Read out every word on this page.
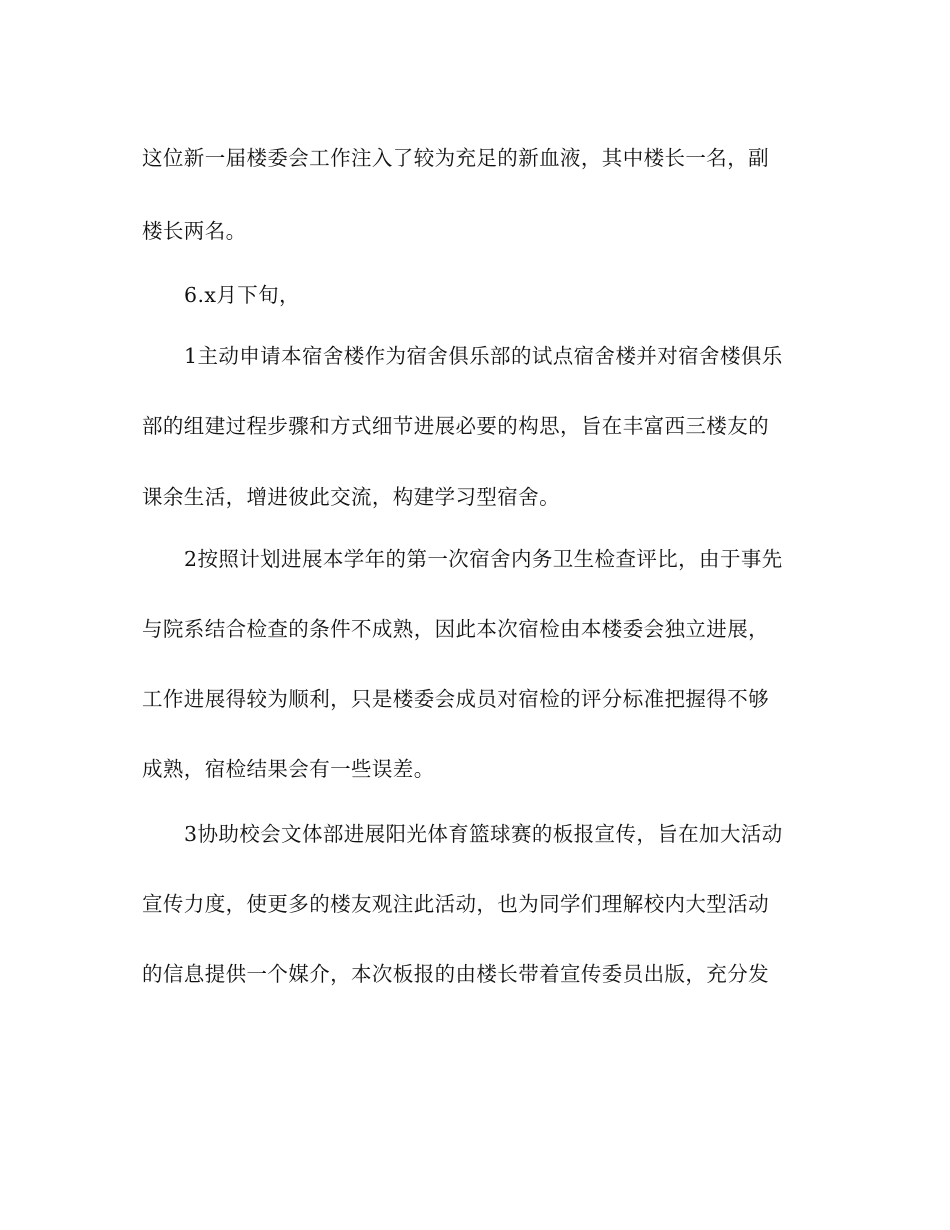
这位新一届楼委会工作注入了较为充足的新血液，其中楼长一名，副
楼长两名。
6.x月下旬，
1主动申请本宿舍楼作为宿舍俱乐部的试点宿舍楼并对宿舍楼俱乐
部的组建过程步骤和方式细节进展必要的构思，旨在丰富西三楼友的
课余生活，增进彼此交流，构建学习型宿舍。
2按照计划进展本学年的第一次宿舍内务卫生检查评比，由于事先
与院系结合检查的条件不成熟，因此本次宿检由本楼委会独立进展，
工作进展得较为顺利，只是楼委会成员对宿检的评分标准把握得不够
成熟，宿检结果会有一些误差。
3协助校会文体部进展阳光体育篮球赛的板报宣传，旨在加大活动
宣传力度，使更多的楼友观注此活动，也为同学们理解校内大型活动
的信息提供一个媒介，本次板报的由楼长带着宣传委员出版，充分发
